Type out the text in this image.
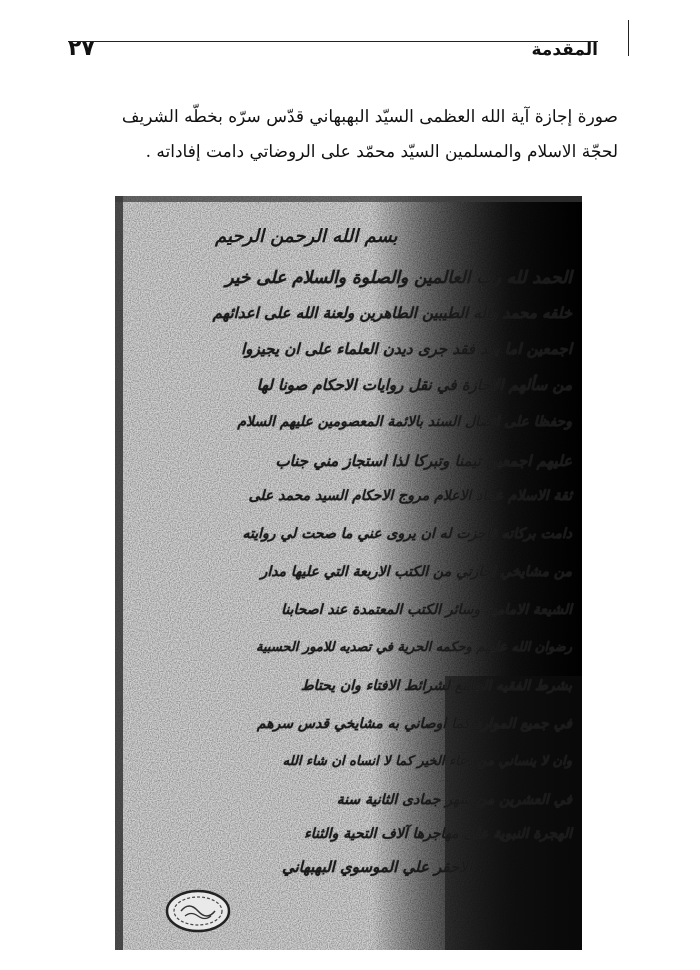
٢٧	المقدمة

صورة إجازة آية الله العظمى السيّد البهبهاني قدّس سرّه بخطّه الشريف

لحجّة الاسلام والمسلمين السيّد محمّد على الروضاتي دامت إفاداته .

بسم الله الرحمن الرحيم
الحمد لله رب العالمين والصلوة والسلام على خير
خلقه محمد وآله الطيبين الطاهرين ولعنة الله على اعدائهم
اجمعين اما بعد فقد جرى ديدن العلماء على ان يجيزوا
من سألهم الاجازة في نقل روايات الاحكام صونا لها
وحفظا على اتصال السند بالائمة المعصومين عليهم السلام
عليهم اجمعين تيمنا وتبركا لذا استجاز مني جناب
ثقة الاسلام عماد الاعلام مروج الاحكام السيد محمد على
دامت بركاته فاجزت له ان يروى عني ما صحت لي روايته
من مشايخي اجازتي من الكتب الاربعة التي عليها مدار
الشيعة الامامية وسائر الكتب المعتمدة عند اصحابنا
رضوان الله عليهم وحكمه الحرية في تصديه للامور الحسبية
بشرط الفقيه الجامع لشرائط الافتاء وان يحتاط
في جميع الموارد كما اوصاني به مشايخي قدس سرهم
وان لا ينساني من دعاء الخير كما لا انساه ان شاء الله
في العشرين من شهر جمادى الثانية سنة
الهجرة النبوية على مهاجرها آلاف التحية والثناء
الاحقر علي الموسوي البهبهاني
